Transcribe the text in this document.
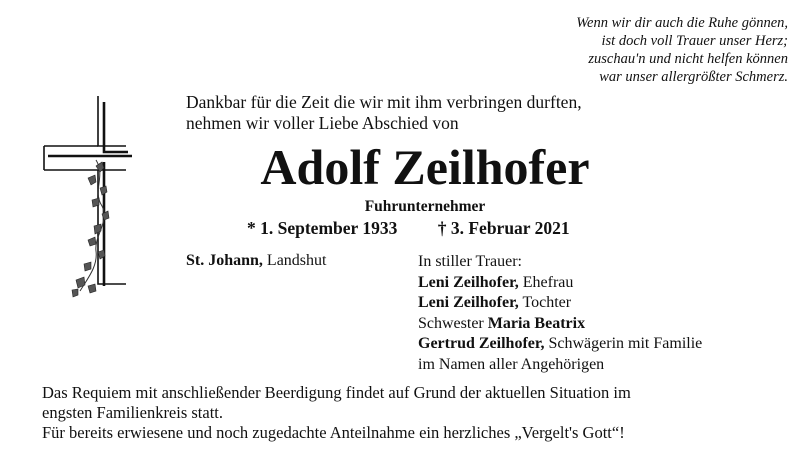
Wenn wir dir auch die Ruhe gönnen,
ist doch voll Trauer unser Herz;
zuschau'n und nicht helfen können
war unser allergrößter Schmerz.
Dankbar für die Zeit die wir mit ihm verbringen durften,
nehmen wir voller Liebe Abschied von
Adolf Zeilhofer
Fuhrunternehmer
* 1. September 1933 † 3. Februar 2021
St. Johann, Landshut	In stiller Trauer:
Leni Zeilhofer, Ehefrau
Leni Zeilhofer, Tochter
Schwester Maria Beatrix
Gertrud Zeilhofer, Schwägerin mit Familie
im Namen aller Angehörigen
Das Requiem mit anschließender Beerdigung findet auf Grund der aktuellen Situation im
engsten Familienkreis statt.
Für bereits erwiesene und noch zugedachte Anteilnahme ein herzliches „Vergelt's Gott“!
